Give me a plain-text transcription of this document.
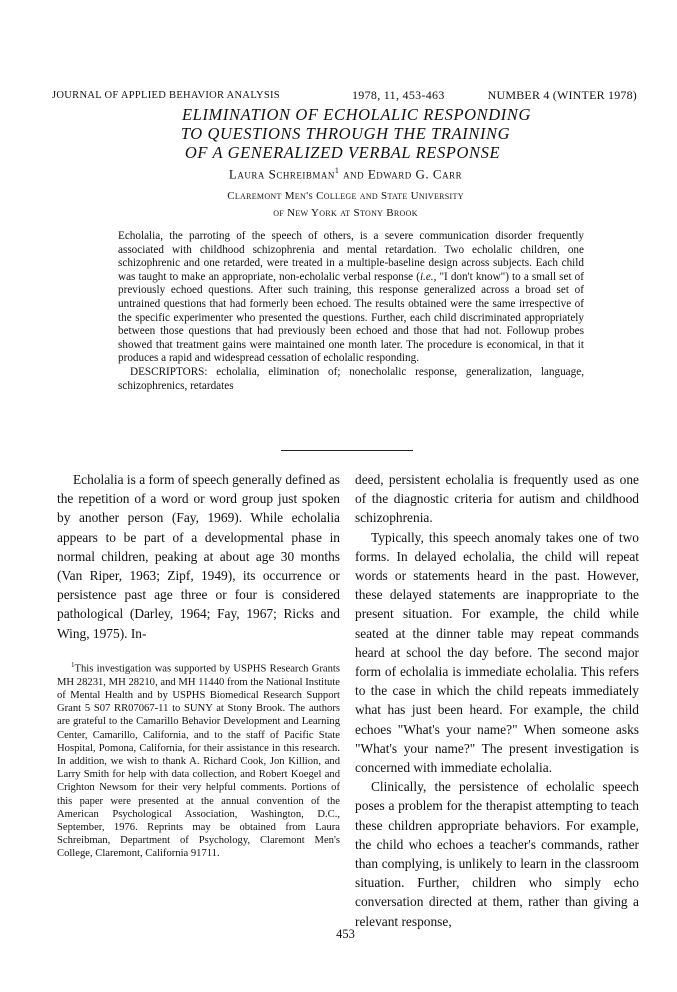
JOURNAL OF APPLIED BEHAVIOR ANALYSIS	1978, 11, 453-463	NUMBER 4 (WINTER 1978)
ELIMINATION OF ECHOLALIC RESPONDING
TO QUESTIONS THROUGH THE TRAINING
OF A GENERALIZED VERBAL RESPONSE
Laura Schreibman$^1$ and Edward G. Carr
Claremont Men's College and State University
of New York at Stony Brook

Echolalia, the parroting of the speech of others, is a severe communication disorder frequently associated with childhood schizophrenia and mental retardation. Two echolalic children, one schizophrenic and one retarded, were treated in a multiple-baseline design across subjects. Each child was taught to make an appropriate, non-echolalic verbal response (i.e., "I don't know") to a small set of previously echoed questions. After such training, this response generalized across a broad set of untrained questions that had formerly been echoed. The results obtained were the same irrespective of the specific experimenter who presented the questions. Further, each child discriminated appropriately between those questions that had previously been echoed and those that had not. Followup probes showed that treatment gains were maintained one month later. The procedure is economical, in that it produces a rapid and widespread cessation of echolalic responding.

DESCRIPTORS: echolalia, elimination of; nonecholalic response, generalization, language, schizophrenics, retardates

Echolalia is a form of speech generally defined as the repetition of a word or word group just spoken by another person (Fay, 1969). While echolalia appears to be part of a developmental phase in normal children, peaking at about age 30 months (Van Riper, 1963; Zipf, 1949), its occurrence or persistence past age three or four is considered pathological (Darley, 1964; Fay, 1967; Ricks and Wing, 1975). In-

$^1$This investigation was supported by USPHS Research Grants MH 28231, MH 28210, and MH 11440 from the National Institute of Mental Health and by USPHS Biomedical Research Support Grant 5 S07 RR07067-11 to SUNY at Stony Brook. The authors are grateful to the Camarillo Behavior Development and Learning Center, Camarillo, California, and to the staff of Pacific State Hospital, Pomona, California, for their assistance in this research. In addition, we wish to thank A. Richard Cook, Jon Killion, and Larry Smith for help with data collection, and Robert Koegel and Crighton Newsom for their very helpful comments. Portions of this paper were presented at the annual convention of the American Psychological Association, Washington, D.C., September, 1976. Reprints may be obtained from Laura Schreibman, Department of Psychology, Claremont Men's College, Claremont, California 91711.

deed, persistent echolalia is frequently used as one of the diagnostic criteria for autism and childhood schizophrenia.

Typically, this speech anomaly takes one of two forms. In delayed echolalia, the child will repeat words or statements heard in the past. However, these delayed statements are inappropriate to the present situation. For example, the child while seated at the dinner table may repeat commands heard at school the day before. The second major form of echolalia is immediate echolalia. This refers to the case in which the child repeats immediately what has just been heard. For example, the child echoes "What's your name?" When someone asks "What's your name?" The present investigation is concerned with immediate echolalia.

Clinically, the persistence of echolalic speech poses a problem for the therapist attempting to teach these children appropriate behaviors. For example, the child who echoes a teacher's commands, rather than complying, is unlikely to learn in the classroom situation. Further, children who simply echo conversation directed at them, rather than giving a relevant response,

453
